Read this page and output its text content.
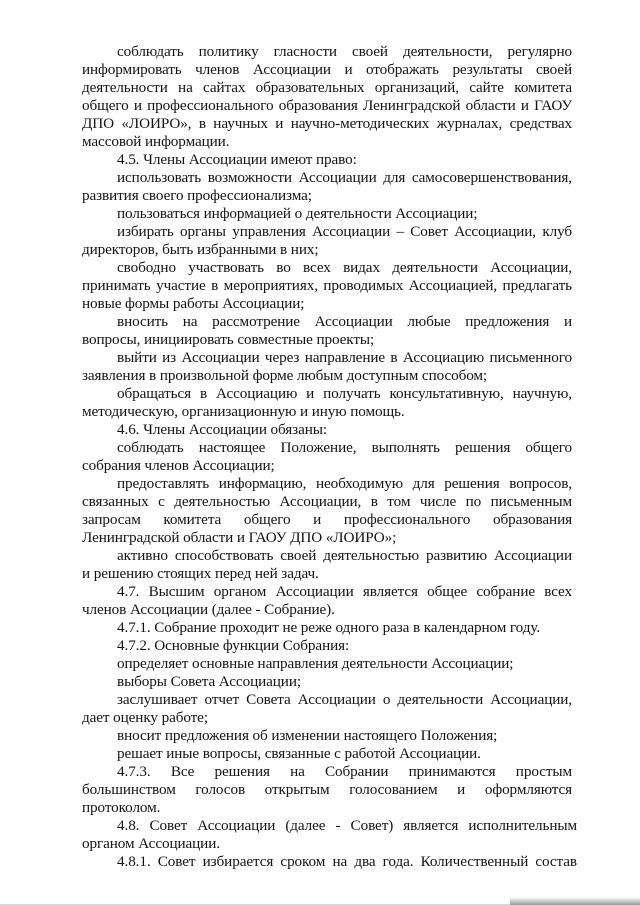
соблюдать политику гласности своей деятельности, регулярно
информировать членов Ассоциации и отображать результаты своей
деятельности на сайтах образовательных организаций, сайте комитета
общего и профессионального образования Ленинградской области и ГАОУ
ДПО «ЛОИРО», в научных и научно-методических журналах, средствах
массовой информации.
4.5. Члены Ассоциации имеют право:
использовать возможности Ассоциации для самосовершенствования,
развития своего профессионализма;
пользоваться информацией о деятельности Ассоциации;
избирать органы управления Ассоциации – Совет Ассоциации, клуб
директоров, быть избранными в них;
свободно участвовать во всех видах деятельности Ассоциации,
принимать участие в мероприятиях, проводимых Ассоциацией, предлагать
новые формы работы Ассоциации;
вносить на рассмотрение Ассоциации любые предложения и
вопросы, инициировать совместные проекты;
выйти из Ассоциации через направление в Ассоциацию письменного
заявления в произвольной форме любым доступным способом;
обращаться в Ассоциацию и получать консультативную, научную,
методическую, организационную и иную помощь.
4.6. Члены Ассоциации обязаны:
соблюдать настоящее Положение, выполнять решения общего
собрания членов Ассоциации;
предоставлять информацию, необходимую для решения вопросов,
связанных с деятельностью Ассоциации, в том числе по письменным
запросам комитета общего и профессионального образования
Ленинградской области и ГАОУ ДПО «ЛОИРО»;
активно способствовать своей деятельностью развитию Ассоциации
и решению стоящих перед ней задач.
4.7. Высшим органом Ассоциации является общее собрание всех
членов Ассоциации (далее - Собрание).
4.7.1. Собрание проходит не реже одного раза в календарном году.
4.7.2. Основные функции Собрания:
определяет основные направления деятельности Ассоциации;
выборы Совета Ассоциации;
заслушивает отчет Совета Ассоциации о деятельности Ассоциации,
дает оценку работе;
вносит предложения об изменении настоящего Положения;
решает иные вопросы, связанные с работой Ассоциации.
4.7.3. Все решения на Собрании принимаются простым
большинством голосов открытым голосованием и оформляются
протоколом.
4.8. Совет Ассоциации (далее - Совет) является исполнительным
органом Ассоциации.
4.8.1. Совет избирается сроком на два года. Количественный состав
